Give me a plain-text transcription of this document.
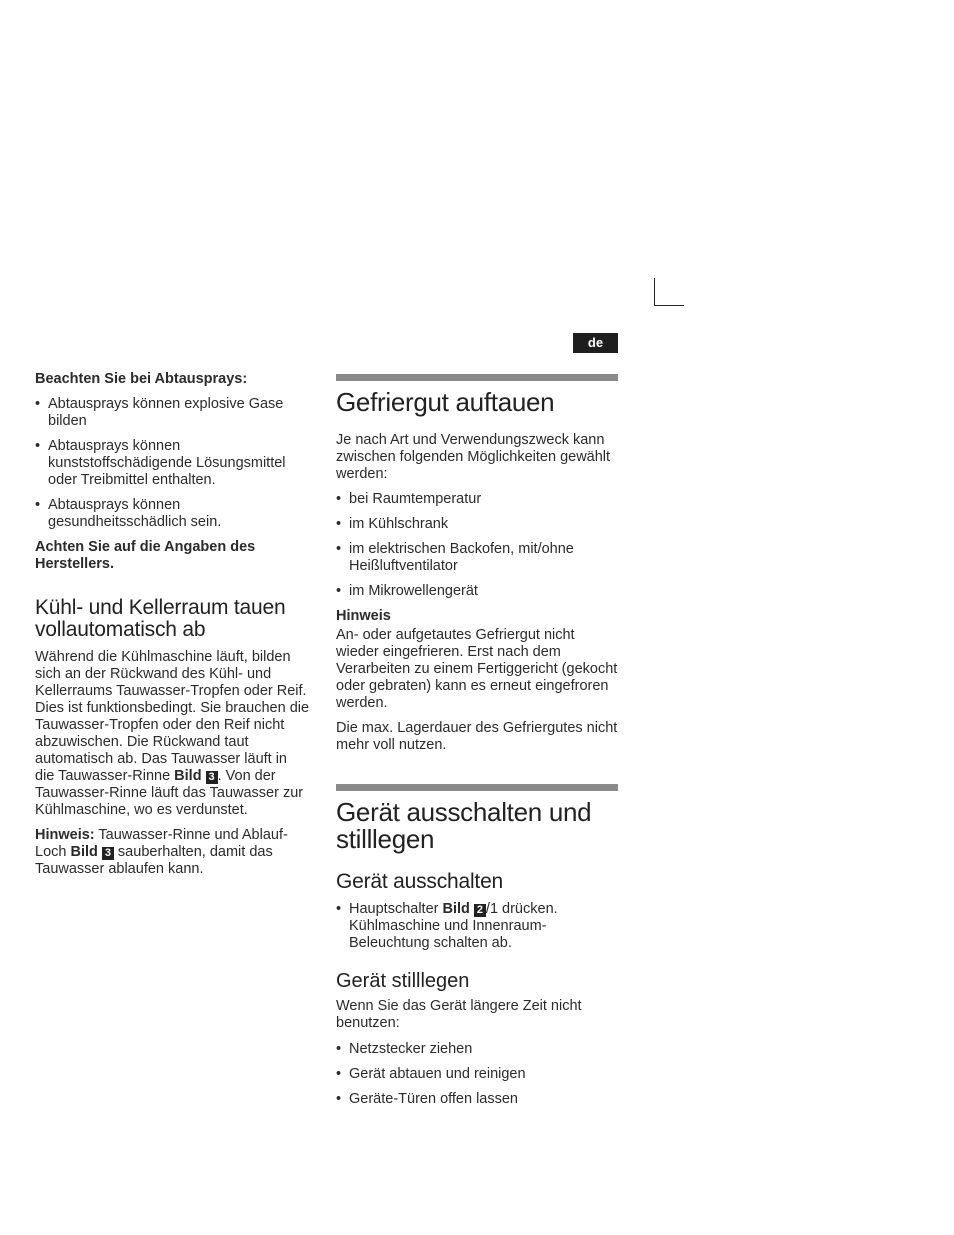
de

Beachten Sie bei Abtausprays:

• Abtausprays können explosive Gase bilden
• Abtausprays können kunststoffschädigende Lösungsmittel oder Treibmittel enthalten.
• Abtausprays können gesundheitsschädlich sein.

Achten Sie auf die Angaben des Herstellers.

Kühl- und Kellerraum tauen vollautomatisch ab

Während die Kühlmaschine läuft, bilden sich an der Rückwand des Kühl- und Kellerraums Tauwasser-Tropfen oder Reif. Dies ist funktionsbedingt. Sie brauchen die Tauwasser-Tropfen oder den Reif nicht abzuwischen. Die Rückwand taut automatisch ab. Das Tauwasser läuft in die Tauwasser-Rinne Bild 3 . Von der Tauwasser-Rinne läuft das Tauwasser zur Kühlmaschine, wo es verdunstet.

Hinweis: Tauwasser-Rinne und Ablauf-Loch Bild 3 sauberhalten, damit das Tauwasser ablaufen kann.

Gefriergut auftauen

Je nach Art und Verwendungszweck kann zwischen folgenden Möglichkeiten gewählt werden:

• bei Raumtemperatur
• im Kühlschrank
• im elektrischen Backofen, mit/ohne Heißluftventilator
• im Mikrowellengerät

Hinweis

An- oder aufgetautes Gefriergut nicht wieder eingefrieren. Erst nach dem Verarbeiten zu einem Fertiggericht (gekocht oder gebraten) kann es erneut eingefroren werden.

Die max. Lagerdauer des Gefriergutes nicht mehr voll nutzen.

Gerät ausschalten und stilllegen
Gerät ausschalten
• Hauptschalter Bild 2 /1 drücken. Kühlmaschine und Innenraum-Beleuchtung schalten ab.
Gerät stilllegen

Wenn Sie das Gerät längere Zeit nicht benutzen:

• Netzstecker ziehen
• Gerät abtauen und reinigen
• Geräte-Türen offen lassen
